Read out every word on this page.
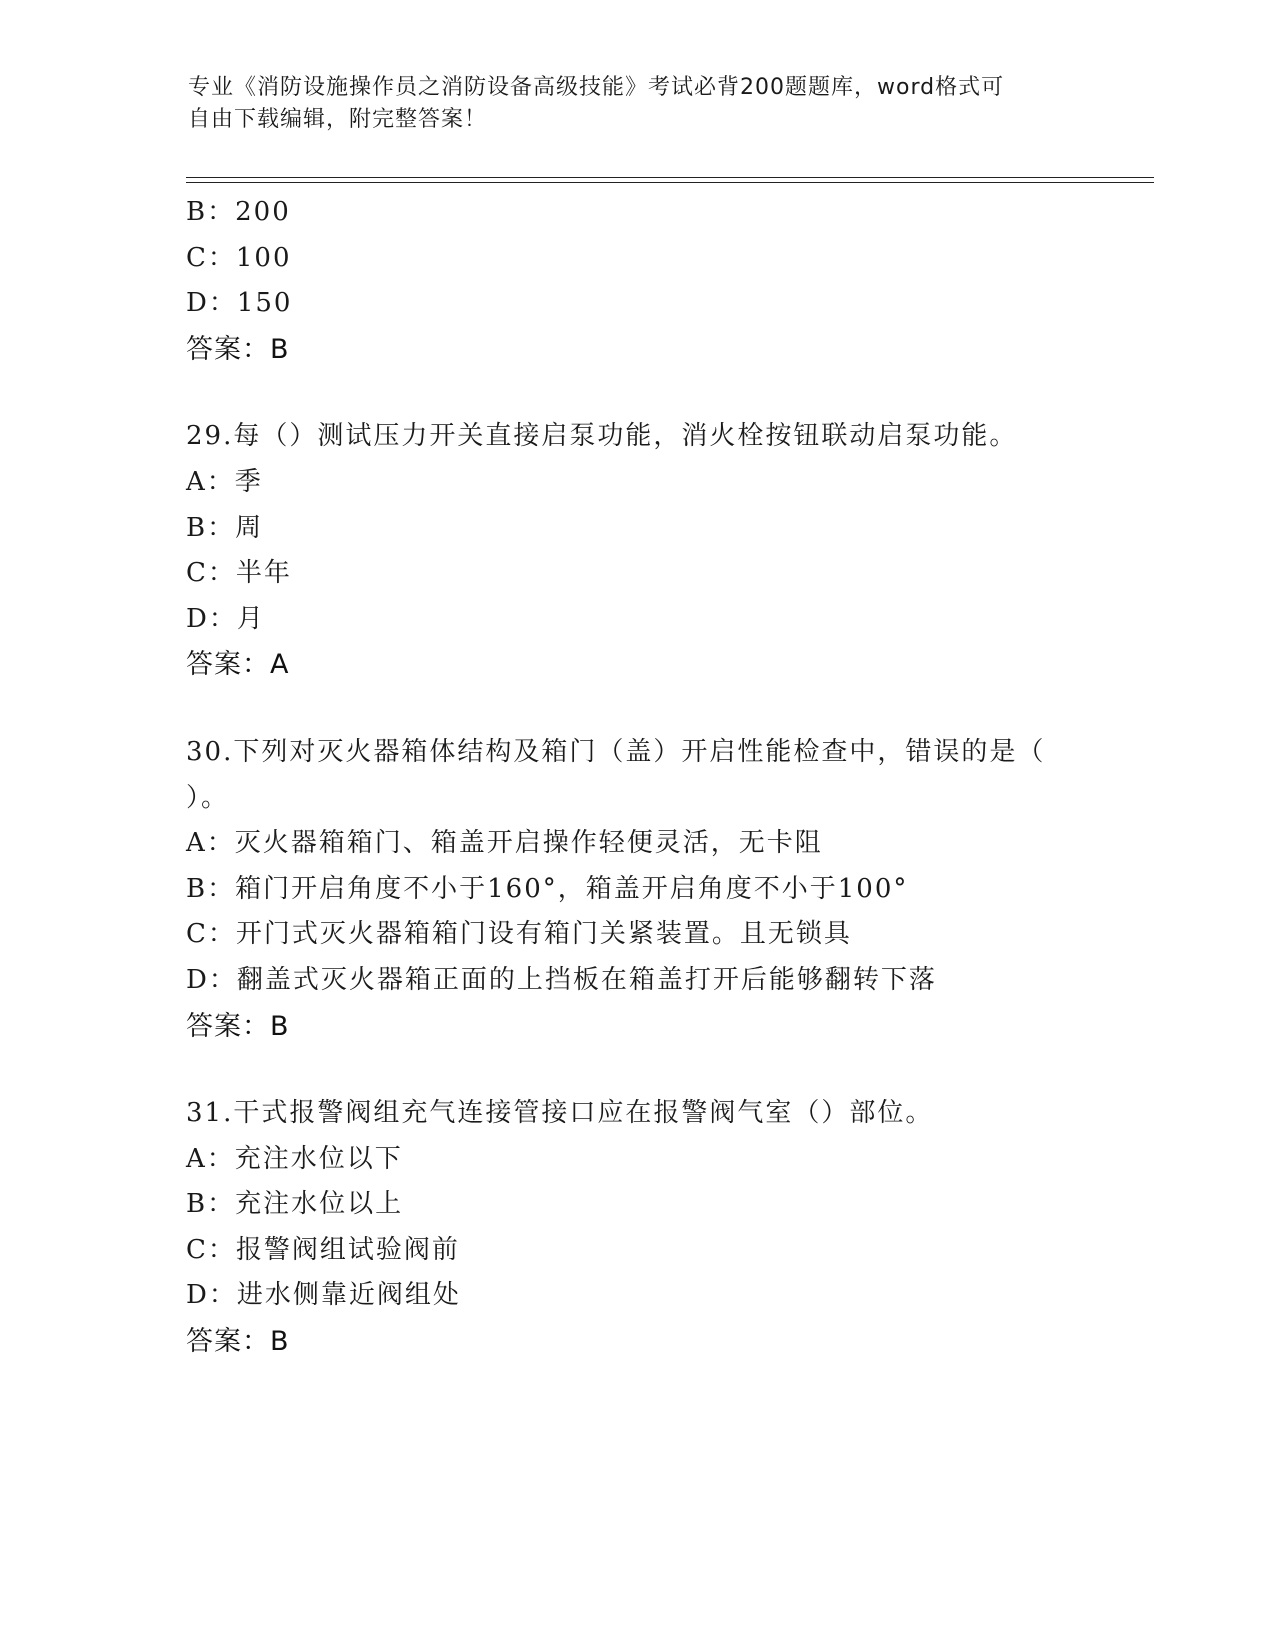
专业《消防设施操作员之消防设备高级技能》考试必背200题题库，word格式可
自由下载编辑，附完整答案！
B：200
C：100
D：150
答案：B
29.每（）测试压力开关直接启泵功能，消火栓按钮联动启泵功能。
A：季
B：周
C：半年
D：月
答案：A
30.下列对灭火器箱体结构及箱门（盖）开启性能检查中，错误的是（
）。
A：灭火器箱箱门、箱盖开启操作轻便灵活，无卡阻
B：箱门开启角度不小于160°，箱盖开启角度不小于100°
C：开门式灭火器箱箱门设有箱门关紧装置。且无锁具
D：翻盖式灭火器箱正面的上挡板在箱盖打开后能够翻转下落
答案：B
31.干式报警阀组充气连接管接口应在报警阀气室（）部位。
A：充注水位以下
B：充注水位以上
C：报警阀组试验阀前
D：进水侧靠近阀组处
答案：B
